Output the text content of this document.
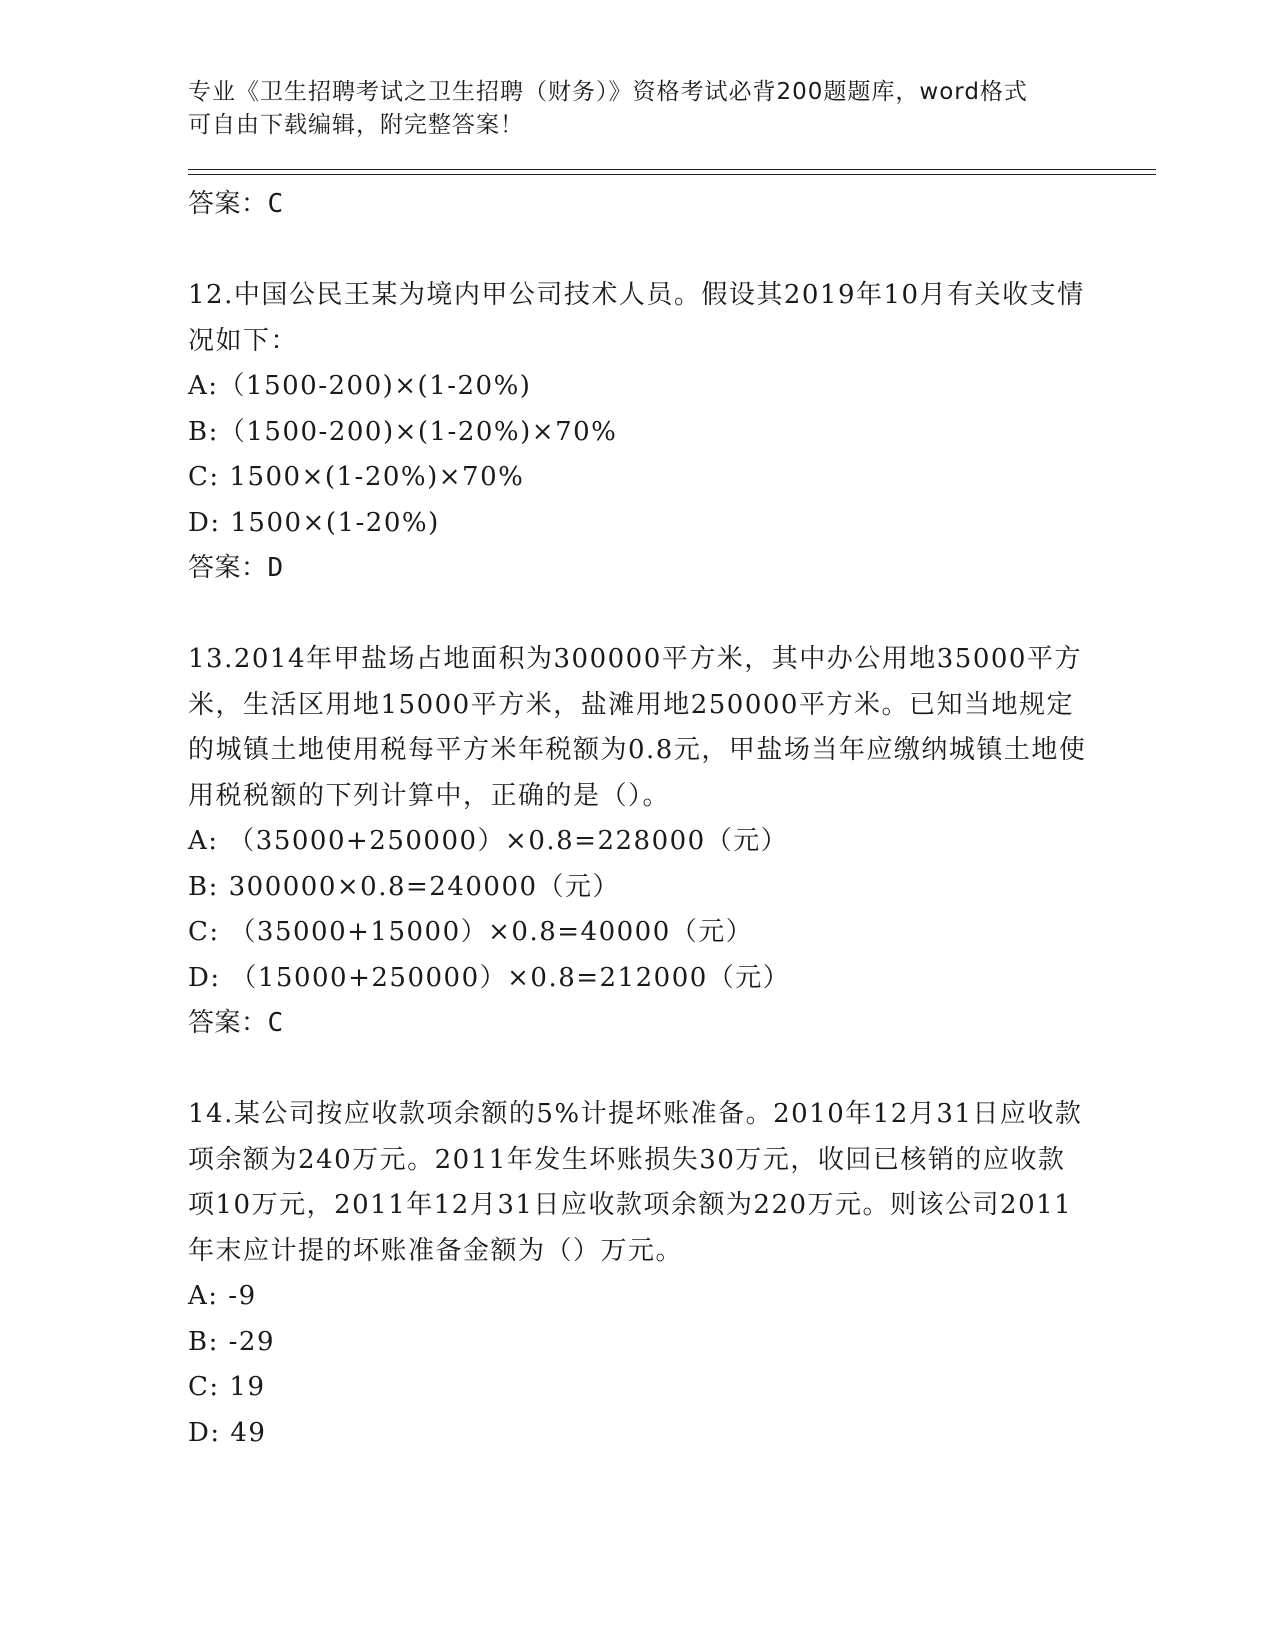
专业《卫生招聘考试之卫生招聘（财务）》资格考试必背200题题库，word格式
可自由下载编辑，附完整答案！
答案：C
12.中国公民王某为境内甲公司技术人员。假设其2019年10月有关收支情况如下：
A:（1500-200)×(1-20%)
B:（1500-200)×(1-20%)×70%
C: 1500×(1-20%)×70%
D: 1500×(1-20%)
答案：D
13.2014年甲盐场占地面积为300000平方米，其中办公用地35000平方米，生活区用地15000平方米，盐滩用地250000平方米。已知当地规定的城镇土地使用税每平方米年税额为0.8元，甲盐场当年应缴纳城镇土地使用税税额的下列计算中，正确的是（）。
A: （35000+250000）×0.8=228000（元）
B: 300000×0.8=240000（元）
C: （35000+15000）×0.8=40000（元）
D: （15000+250000）×0.8=212000（元）
答案：C
14.某公司按应收款项余额的5%计提坏账准备。2010年12月31日应收款项余额为240万元。2011年发生坏账损失30万元，收回已核销的应收款项10万元，2011年12月31日应收款项余额为220万元。则该公司2011年末应计提的坏账准备金额为（）万元。
A: -9
B: -29
C: 19
D: 49
